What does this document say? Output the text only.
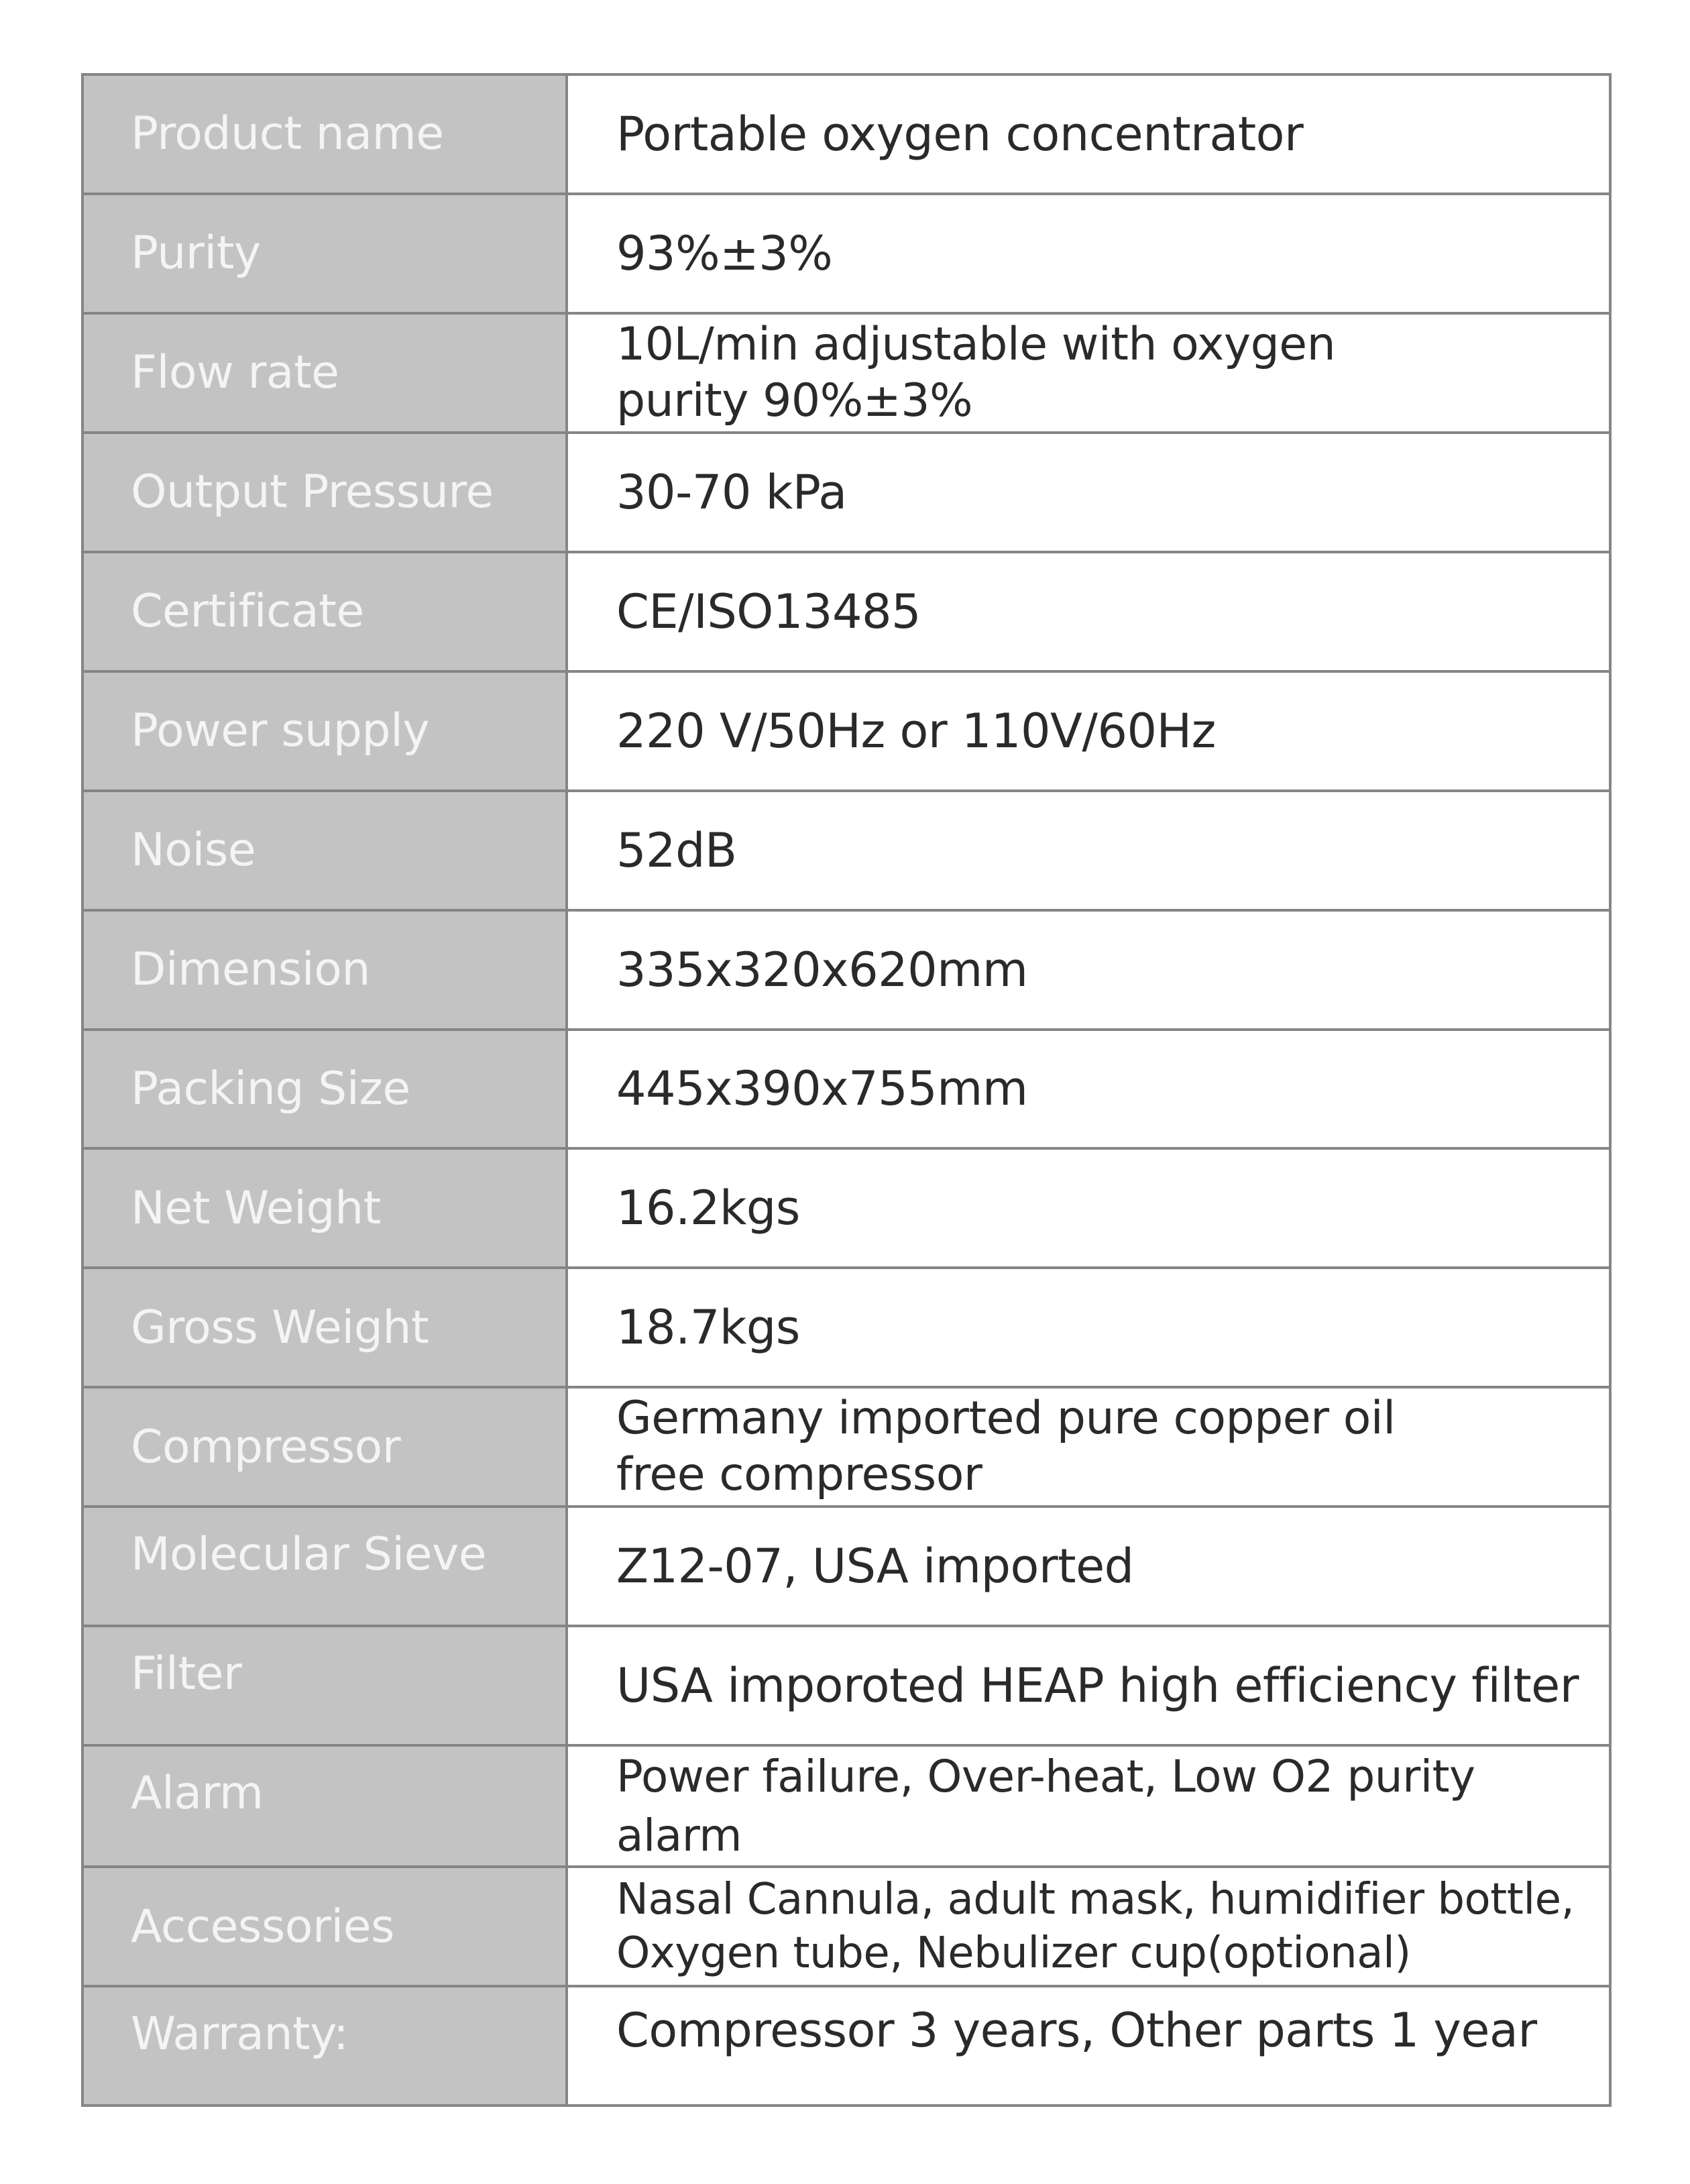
Product name	Portable oxygen concentrator
Purity	93%±3%
Flow rate	10L/min adjustable with oxygen purity 90%±3%
Output Pressure	30-70 kPa
Certificate	CE/ISO13485
Power supply	220 V/50Hz or 110V/60Hz
Noise	52dB
Dimension	335x320x620mm
Packing Size	445x390x755mm
Net Weight	16.2kgs
Gross Weight	18.7kgs
Compressor	Germany imported pure copper oil free compressor
Molecular Sieve	Z12-07, USA imported
Filter	USA imporoted HEAP high efficiency filter
Alarm	Power failure, Over-heat, Low O2 purity alarm
Accessories	Nasal Cannula, adult mask, humidifier bottle, Oxygen tube, Nebulizer cup(optional)
Warranty:	Compressor 3 years, Other parts 1 year
